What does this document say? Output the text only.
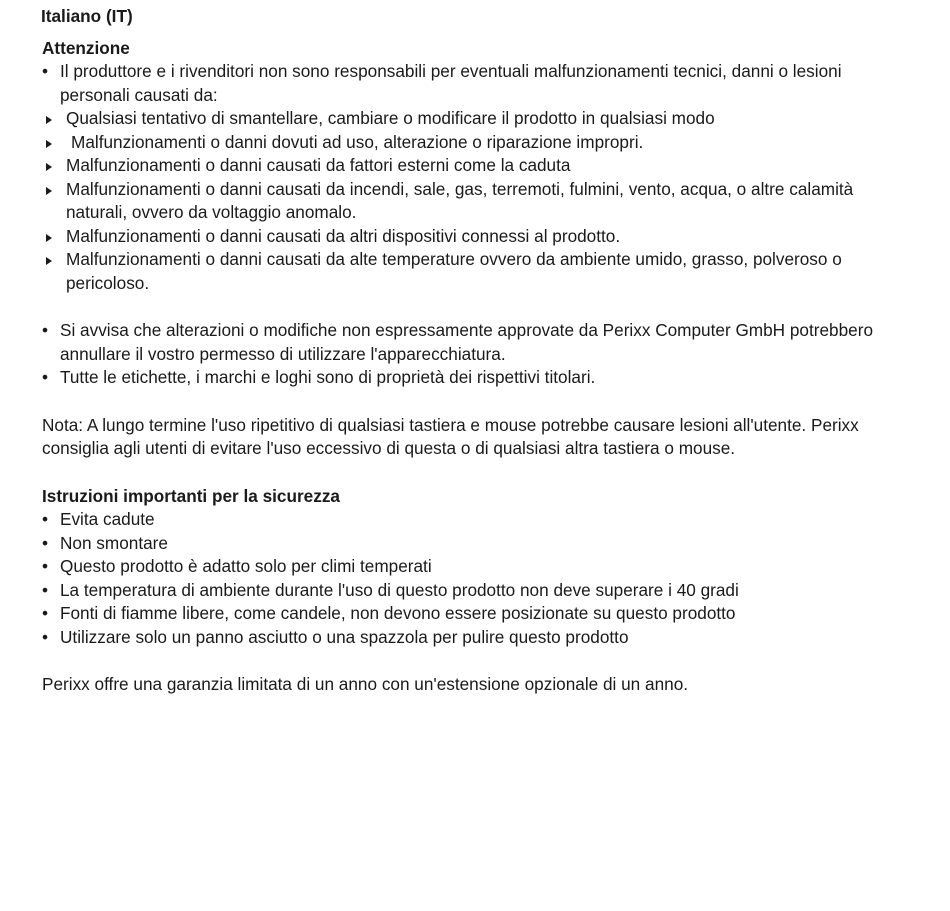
Italiano (IT)
Attenzione
• Il produttore e i rivenditori non sono responsabili per eventuali malfunzionamenti tecnici, danni o lesioni personali causati da:
Qualsiasi tentativo di smantellare, cambiare o modificare il prodotto in qualsiasi modo
Malfunzionamenti o danni dovuti ad uso, alterazione o riparazione impropri.
Malfunzionamenti o danni causati da fattori esterni come la caduta
Malfunzionamenti o danni causati da incendi, sale, gas, terremoti, fulmini, vento, acqua, o altre calamità naturali, ovvero da voltaggio anomalo.
Malfunzionamenti o danni causati da altri dispositivi connessi al prodotto.
Malfunzionamenti o danni causati da alte temperature ovvero da ambiente umido, grasso, polveroso o pericoloso.
• Si avvisa che alterazioni o modifiche non espressamente approvate da Perixx Computer GmbH potrebbero annullare il vostro permesso di utilizzare l'apparecchiatura.
• Tutte le etichette, i marchi e loghi sono di proprietà dei rispettivi titolari.

Nota: A lungo termine l'uso ripetitivo di qualsiasi tastiera e mouse potrebbe causare lesioni all'utente. Perixx consiglia agli utenti di evitare l'uso eccessivo di questa o di qualsiasi altra tastiera o mouse.

Istruzioni importanti per la sicurezza
• Evita cadute
• Non smontare
• Questo prodotto è adatto solo per climi temperati
• La temperatura di ambiente durante l'uso di questo prodotto non deve superare i 40 gradi
• Fonti di fiamme libere, come candele, non devono essere posizionate su questo prodotto
• Utilizzare solo un panno asciutto o una spazzola per pulire questo prodotto

Perixx offre una garanzia limitata di un anno con un'estensione opzionale di un anno.
